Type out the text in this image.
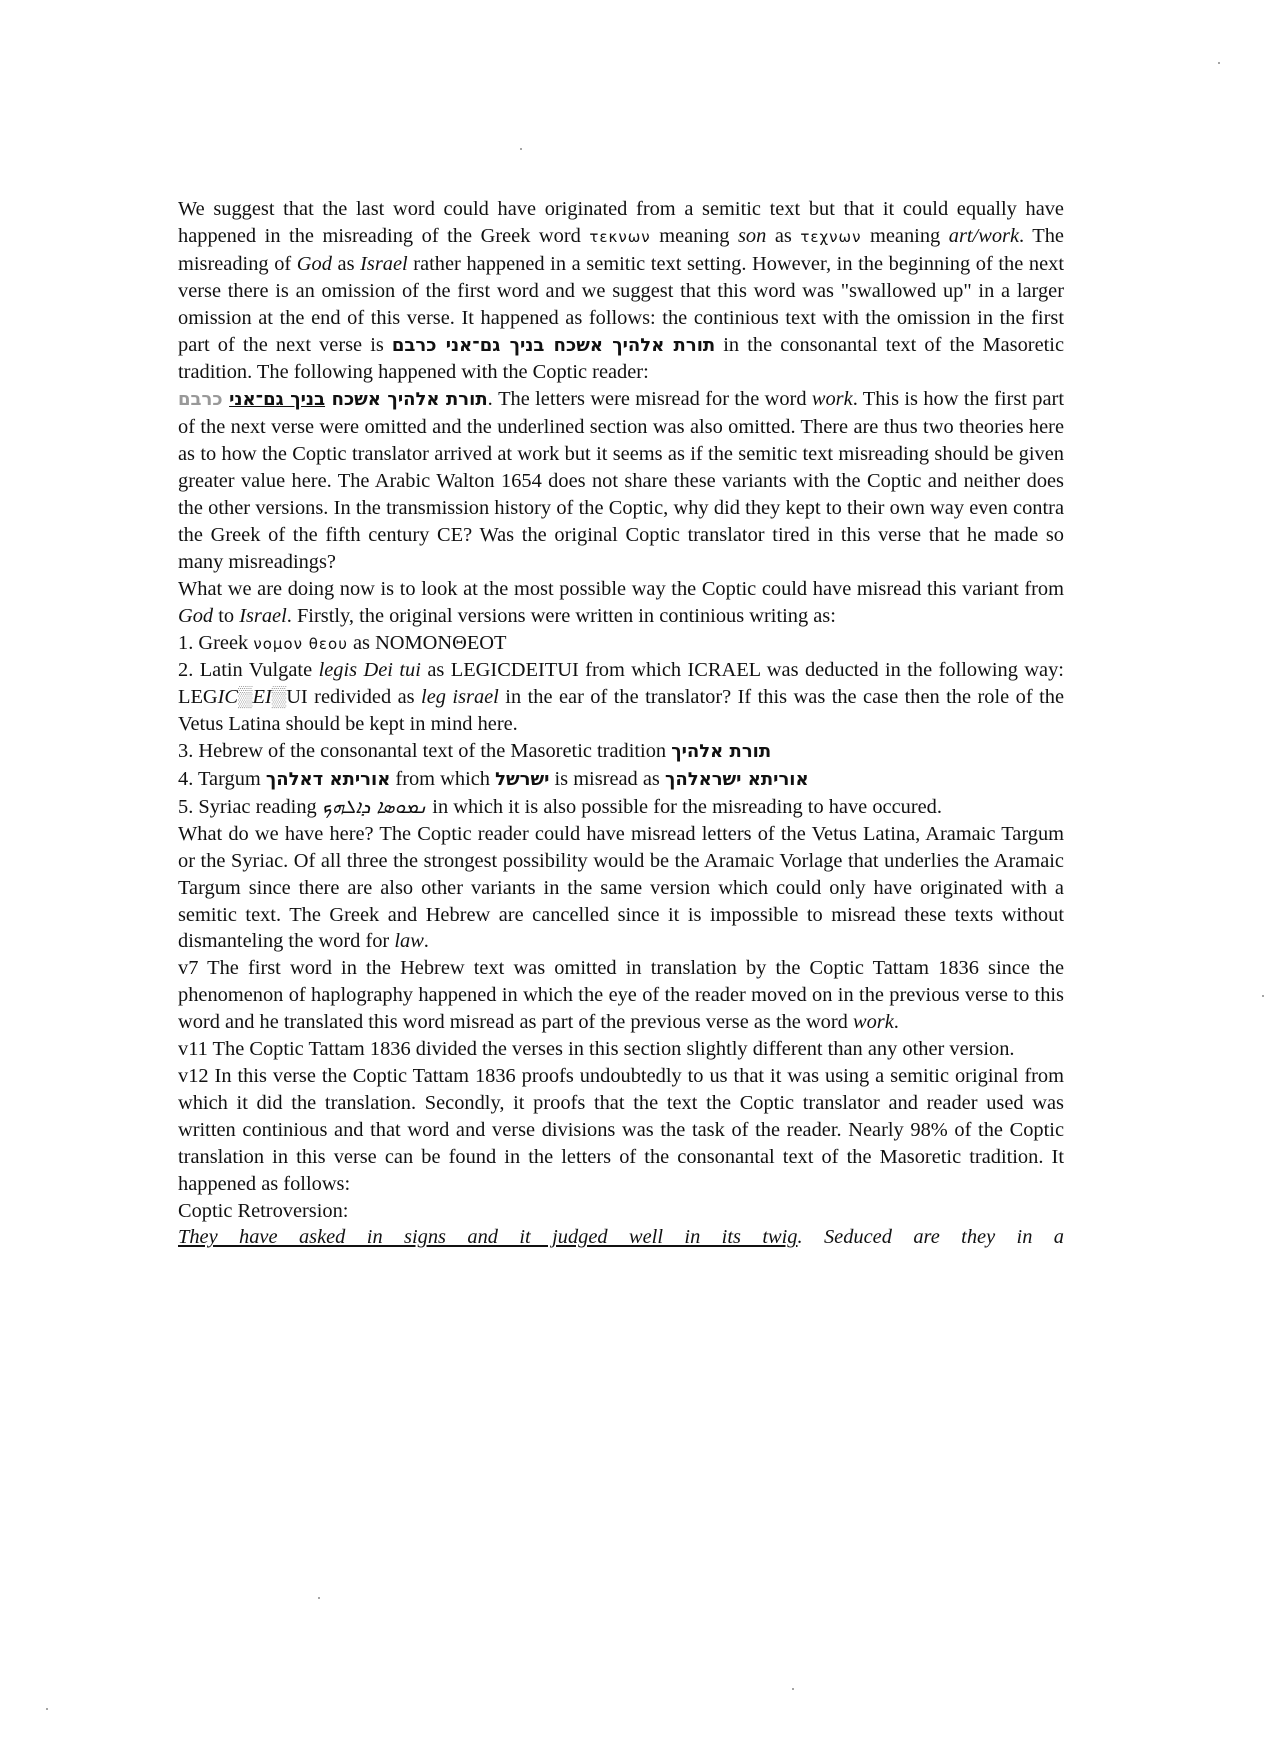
We suggest that the last word could have originated from a semitic text but that it could equally have happened in the misreading of the Greek word τεκνων meaning son as τεχνων meaning art/work. The misreading of God as Israel rather happened in a semitic text setting. However, in the beginning of the next verse there is an omission of the first word and we suggest that this word was "swallowed up" in a larger omission at the end of this verse. It happened as follows: the continious text with the omission in the first part of the next verse is תורת אלהיך אשכח בניך גם־אני כרבם in the consonantal text of the Masoretic tradition. The following happened with the Coptic reader:

תורת אלהיך אשכח בניך גם־אני כרבם	. The letters were misread for the word work. This is how the first part of the next verse were omitted and the underlined section was also omitted. There are thus two theories here as to how the Coptic translator arrived at work but it seems as if the semitic text misreading should be given greater value here. The Arabic Walton 1654 does not share these variants with the Coptic and neither does the other versions. In the transmission history of the Coptic, why did they kept to their own way even contra the Greek of the fifth century CE? Was the original Coptic translator tired in this verse that he made so many misreadings?

What we are doing now is to look at the most possible way the Coptic could have misread this variant from God to Israel. Firstly, the original versions were written in continious writing as:

1. Greek νομον θεου as NOMONΘEOT

2. Latin Vulgate legis Dei tui as LEGICDEITUI from which ICRAEL was deducted in the following way: LEGIC▒EI▒UI redivided as leg israel in the ear of the translator? If this was the case then the role of the Vetus Latina should be kept in mind here.

3. Hebrew of the consonantal text of the Masoretic tradition תורת אלהיך

4. Targum אוריתא דאלהך from which ישרשל is misread as אוריתא ישראלהך

5. Syriac reading ܢܡܘܣܐ ܕܐܠܗܟ in which it is also possible for the misreading to have occured.

What do we have here? The Coptic reader could have misread letters of the Vetus Latina, Aramaic Targum or the Syriac. Of all three the strongest possibility would be the Aramaic Vorlage that underlies the Aramaic Targum since there are also other variants in the same version which could only have originated with a semitic text. The Greek and Hebrew are cancelled since it is impossible to misread these texts without dismanteling the word for law.

v7 The first word in the Hebrew text was omitted in translation by the Coptic Tattam 1836 since the phenomenon of haplography happened in which the eye of the reader moved on in the previous verse to this word and he translated this word misread as part of the previous verse as the word work.

v11 The Coptic Tattam 1836 divided the verses in this section slightly different than any other version.

v12 In this verse the Coptic Tattam 1836 proofs undoubtedly to us that it was using a semitic original from which it did the translation. Secondly, it proofs that the text the Coptic translator and reader used was written continious and that word and verse divisions was the task of the reader. Nearly 98% of the Coptic translation in this verse can be found in the letters of the consonantal text of the Masoretic tradition. It happened as follows:

Coptic Retroversion:

They have asked in signs and it judged well in its twig. Seduced are they in a
